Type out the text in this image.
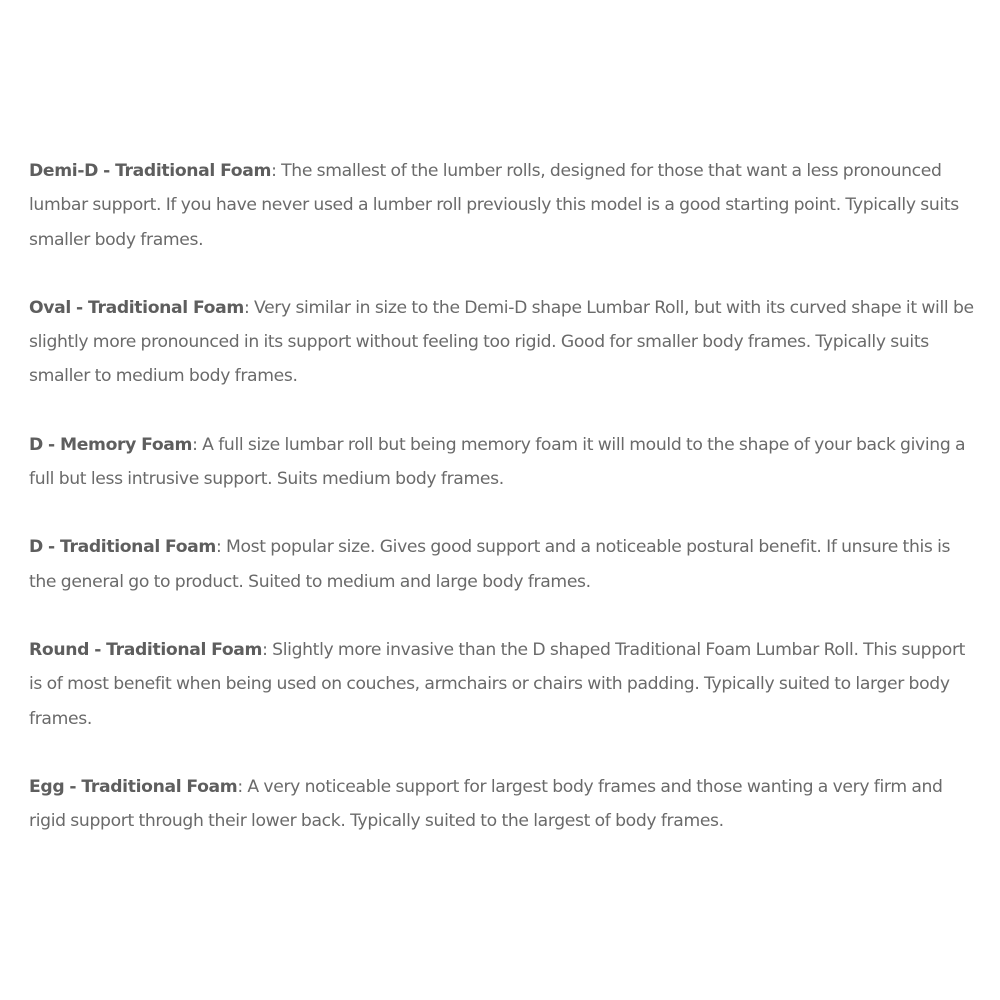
Demi-D - Traditional Foam: The smallest of the lumber rolls, designed for those that want a less pronounced lumbar support. If you have never used a lumber roll previously this model is a good starting point. Typically suits smaller body frames.

Oval - Traditional Foam: Very similar in size to the Demi-D shape Lumbar Roll, but with its curved shape it will be slightly more pronounced in its support without feeling too rigid. Good for smaller body frames. Typically suits smaller to medium body frames.

D - Memory Foam: A full size lumbar roll but being memory foam it will mould to the shape of your back giving a full but less intrusive support. Suits medium body frames.

D - Traditional Foam: Most popular size. Gives good support and a noticeable postural benefit. If unsure this is the general go to product. Suited to medium and large body frames.

Round - Traditional Foam: Slightly more invasive than the D shaped Traditional Foam Lumbar Roll. This support is of most benefit when being used on couches, armchairs or chairs with padding. Typically suited to larger body frames.

Egg - Traditional Foam: A very noticeable support for largest body frames and those wanting a very firm and rigid support through their lower back. Typically suited to the largest of body frames.
